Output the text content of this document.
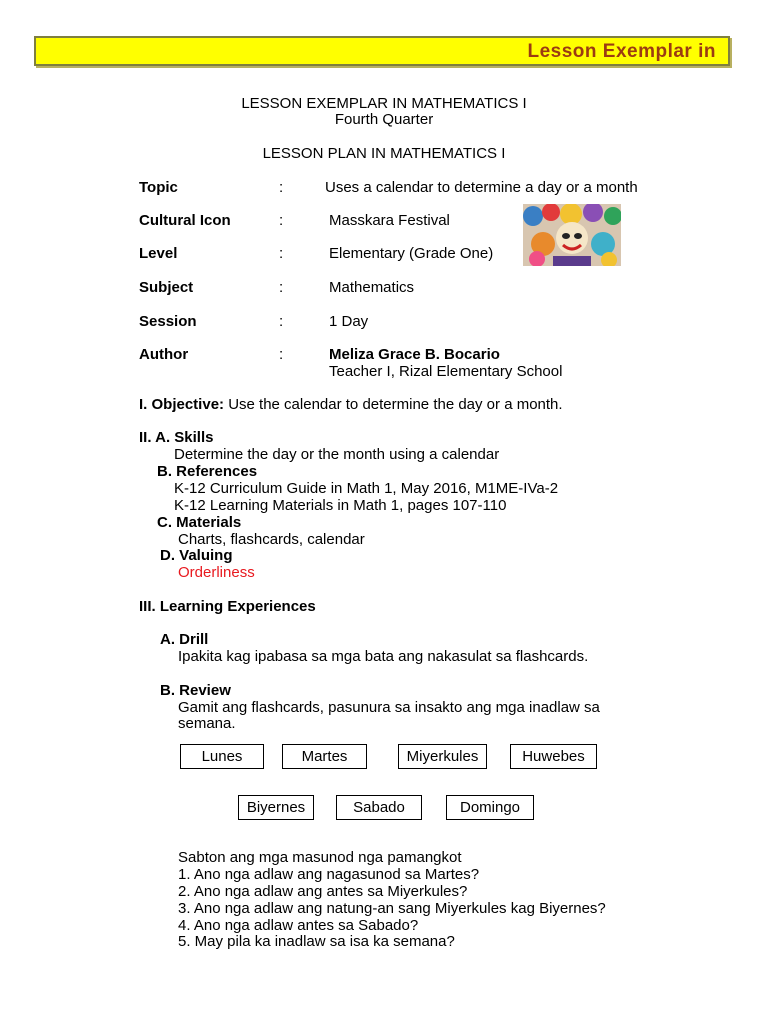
Lesson Exemplar in
LESSON EXEMPLAR IN MATHEMATICS I
Fourth Quarter
LESSON PLAN IN MATHEMATICS I
Topic	:	Uses a calendar to determine a day or a month
Cultural Icon	:	Masskara Festival
Level	:	Elementary (Grade One)
Subject	:	Mathematics
Session	:	1 Day
Author	:	Meliza Grace B. Bocario
Teacher I, Rizal Elementary School
I. Objective: Use the calendar to determine the day or a month.
II. A. Skills
Determine the day or the month using a calendar
B. References
K-12 Curriculum Guide in Math 1, May 2016, M1ME-IVa-2
K-12 Learning Materials in Math 1, pages 107-110
C. Materials
Charts, flashcards, calendar
D. Valuing
Orderliness
III. Learning Experiences
A. Drill
Ipakita kag ipabasa sa mga bata ang nakasulat sa flashcards.
B. Review
Gamit ang flashcards, pasunura sa insakto ang mga inadlaw sa
semana.
Lunes	Martes	Miyerkules	Huwebes
Biyernes	Sabado	Domingo
Sabton ang mga masunod nga pamangkot
1. Ano nga adlaw ang nagasunod sa Martes?
2. Ano nga adlaw ang antes sa Miyerkules?
3. Ano nga adlaw ang natung-an sang Miyerkules kag Biyernes?
4. Ano nga adlaw antes sa Sabado?
5. May pila ka inadlaw sa isa ka semana?
